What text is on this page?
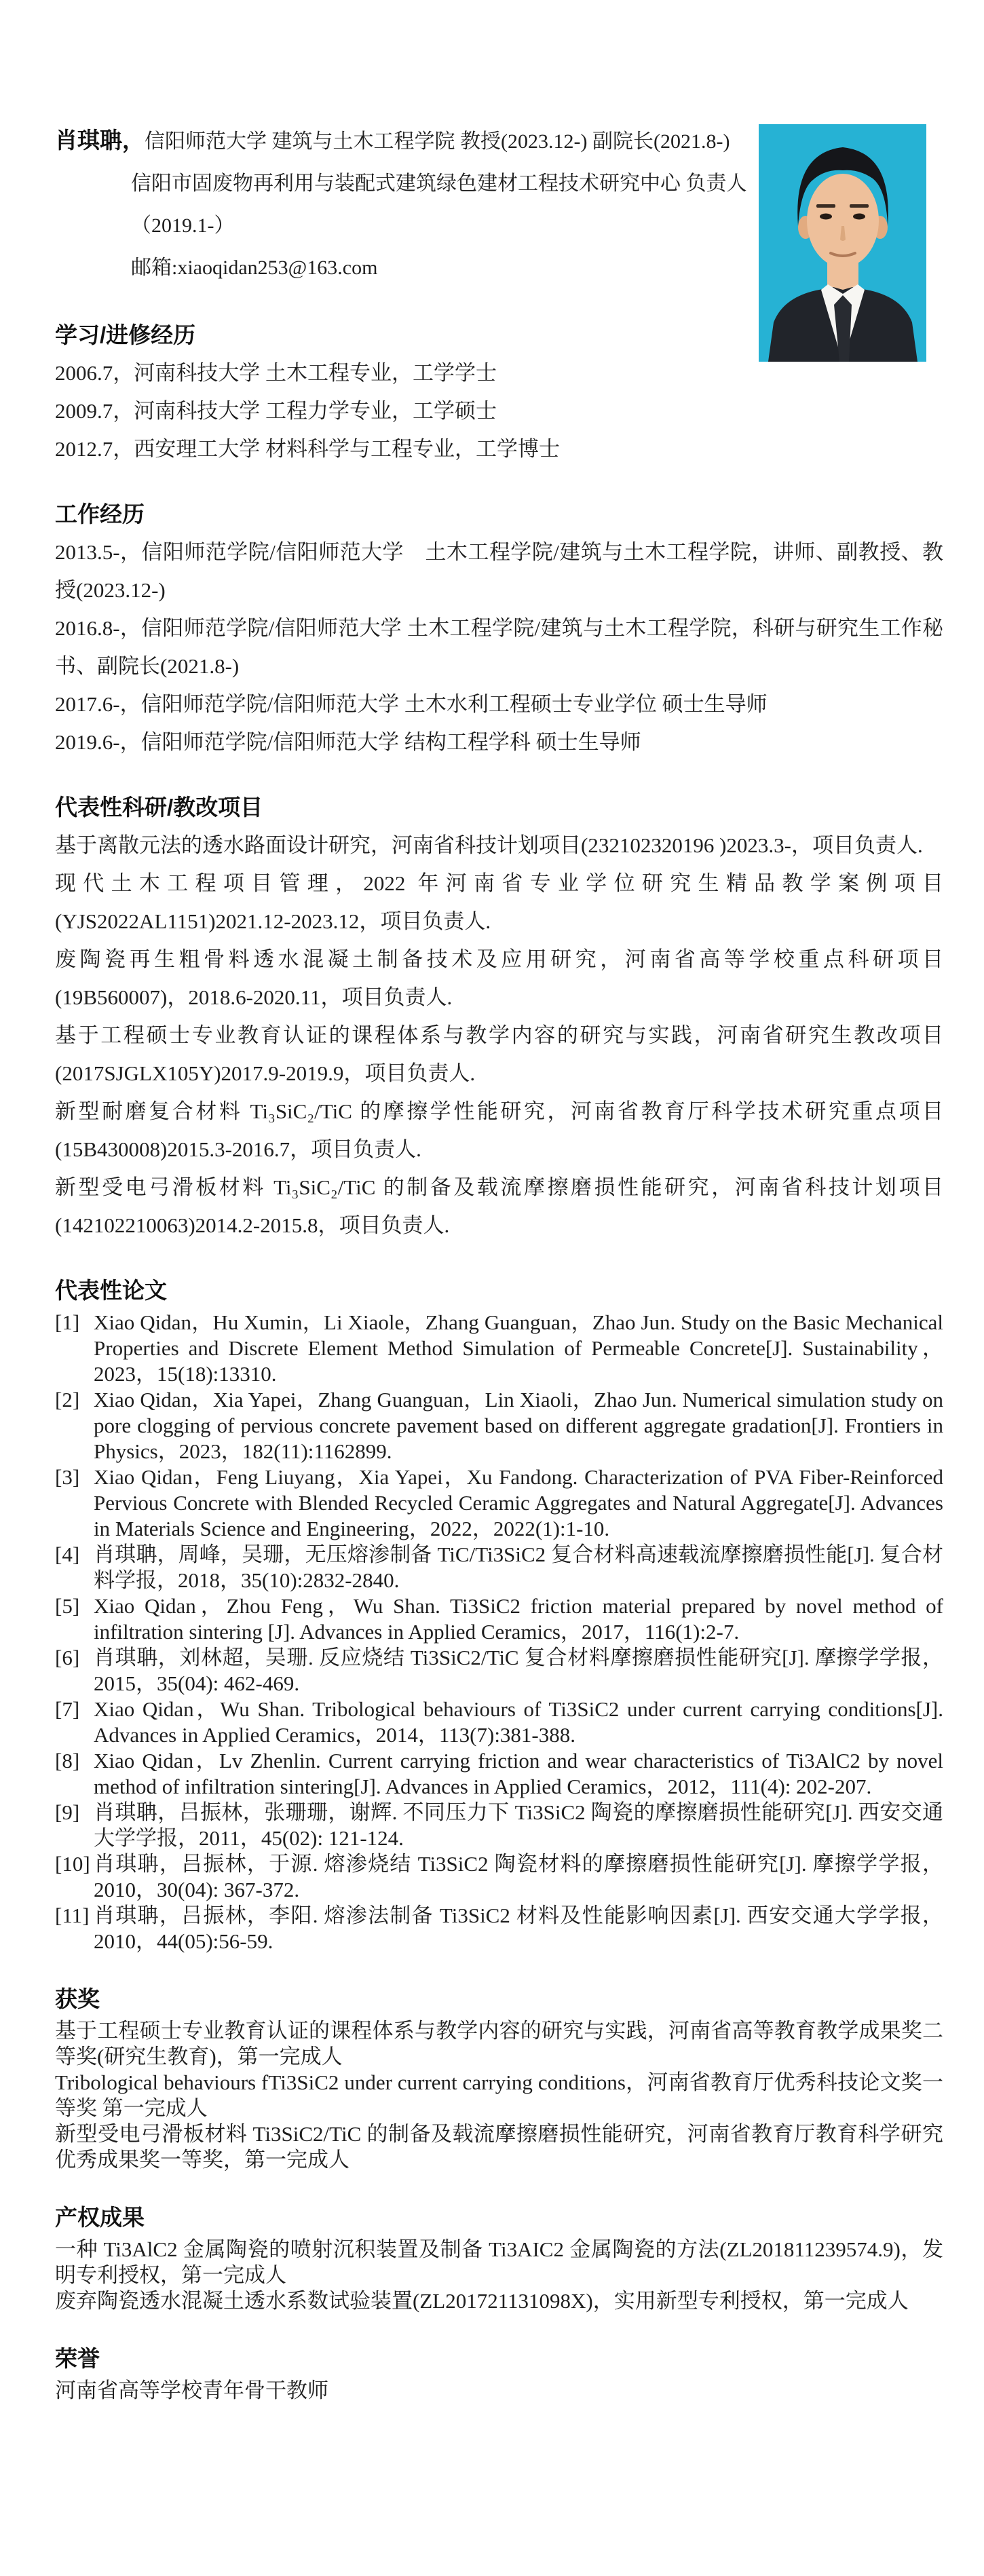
肖琪聃，信阳师范大学 建筑与土木工程学院 教授(2023.12-) 副院长(2021.8-)
信阳市固废物再利用与装配式建筑绿色建材工程技术研究中心 负责人
（2019.1-）
邮箱:xiaoqidan253@163.com
学习/进修经历

2006.7，河南科技大学 土木工程专业，工学学士

2009.7，河南科技大学 工程力学专业，工学硕士

2012.7，西安理工大学 材料科学与工程专业，工学博士

工作经历

2013.5-，信阳师范学院/信阳师范大学　土木工程学院/建筑与土木工程学院，讲师、副教授、教授(2023.12-)

2016.8-，信阳师范学院/信阳师范大学 土木工程学院/建筑与土木工程学院，科研与研究生工作秘书、副院长(2021.8-)

2017.6-，信阳师范学院/信阳师范大学 土木水利工程硕士专业学位 硕士生导师

2019.6-，信阳师范学院/信阳师范大学 结构工程学科 硕士生导师

代表性科研/教改项目

基于离散元法的透水路面设计研究，河南省科技计划项目(232102320196 )2023.3-，项目负责人.

现代土木工程项目管理，2022 年河南省专业学位研究生精品教学案例项目(YJS2022AL1151)2021.12-2023.12，项目负责人.

废陶瓷再生粗骨料透水混凝土制备技术及应用研究，河南省高等学校重点科研项目(19B560007)，2018.6-2020.11，项目负责人.

基于工程硕士专业教育认证的课程体系与教学内容的研究与实践，河南省研究生教改项目(2017SJGLX105Y)2017.9-2019.9，项目负责人.

新型耐磨复合材料 Ti₃SiC₂/TiC 的摩擦学性能研究，河南省教育厅科学技术研究重点项目(15B430008)2015.3-2016.7，项目负责人.

新型受电弓滑板材料 Ti₃SiC₂/TiC 的制备及载流摩擦磨损性能研究，河南省科技计划项目(142102210063)2014.2-2015.8，项目负责人.

代表性论文
[1] Xiao Qidan，Hu Xumin，Li Xiaole，Zhang Guanguan，Zhao Jun. Study on the Basic Mechanical Properties and Discrete Element Method Simulation of Permeable Concrete[J]. Sustainability，2023，15(18):13310.
[2] Xiao Qidan，Xia Yapei，Zhang Guanguan，Lin Xiaoli，Zhao Jun. Numerical simulation study on pore clogging of pervious concrete pavement based on different aggregate gradation[J]. Frontiers in Physics，2023，182(11):1162899.
[3] Xiao Qidan，Feng Liuyang，Xia Yapei，Xu Fandong. Characterization of PVA Fiber-Reinforced Pervious Concrete with Blended Recycled Ceramic Aggregates and Natural Aggregate[J]. Advances in Materials Science and Engineering，2022，2022(1):1-10.
[4] 肖琪聃，周峰，吴珊，无压熔渗制备 TiC/Ti3SiC2 复合材料高速载流摩擦磨损性能[J]. 复合材料学报，2018，35(10):2832-2840.
[5] Xiao Qidan，Zhou Feng，Wu Shan. Ti3SiC2 friction material prepared by novel method of infiltration sintering [J]. Advances in Applied Ceramics，2017，116(1):2-7.
[6] 肖琪聃，刘林超，吴珊. 反应烧结 Ti3SiC2/TiC 复合材料摩擦磨损性能研究[J]. 摩擦学学报，2015，35(04): 462-469.
[7] Xiao Qidan，Wu Shan. Tribological behaviours of Ti3SiC2 under current carrying conditions[J]. Advances in Applied Ceramics，2014，113(7):381-388.
[8] Xiao Qidan，Lv Zhenlin. Current carrying friction and wear characteristics of Ti3AlC2 by novel method of infiltration sintering[J]. Advances in Applied Ceramics，2012，111(4): 202-207.
[9] 肖琪聃，吕振林，张珊珊，谢辉. 不同压力下 Ti3SiC2 陶瓷的摩擦磨损性能研究[J]. 西安交通大学学报，2011，45(02): 121-124.
[10] 肖琪聃，吕振林，于源. 熔渗烧结 Ti3SiC2 陶瓷材料的摩擦磨损性能研究[J]. 摩擦学学报，2010，30(04): 367-372.
[11] 肖琪聃，吕振林，李阳. 熔渗法制备 Ti3SiC2 材料及性能影响因素[J]. 西安交通大学学报，2010，44(05):56-59.
获奖

基于工程硕士专业教育认证的课程体系与教学内容的研究与实践，河南省高等教育教学成果奖二等奖(研究生教育)，第一完成人

Tribological behaviours fTi3SiC2 under current carrying conditions，河南省教育厅优秀科技论文奖一等奖 第一完成人

新型受电弓滑板材料 Ti3SiC2/TiC 的制备及载流摩擦磨损性能研究，河南省教育厅教育科学研究优秀成果奖一等奖，第一完成人

产权成果

一种 Ti3AlC2 金属陶瓷的喷射沉积装置及制备 Ti3AIC2 金属陶瓷的方法(ZL201811239574.9)，发明专利授权，第一完成人

废弃陶瓷透水混凝土透水系数试验装置(ZL201721131098X)，实用新型专利授权，第一完成人

荣誉

河南省高等学校青年骨干教师
